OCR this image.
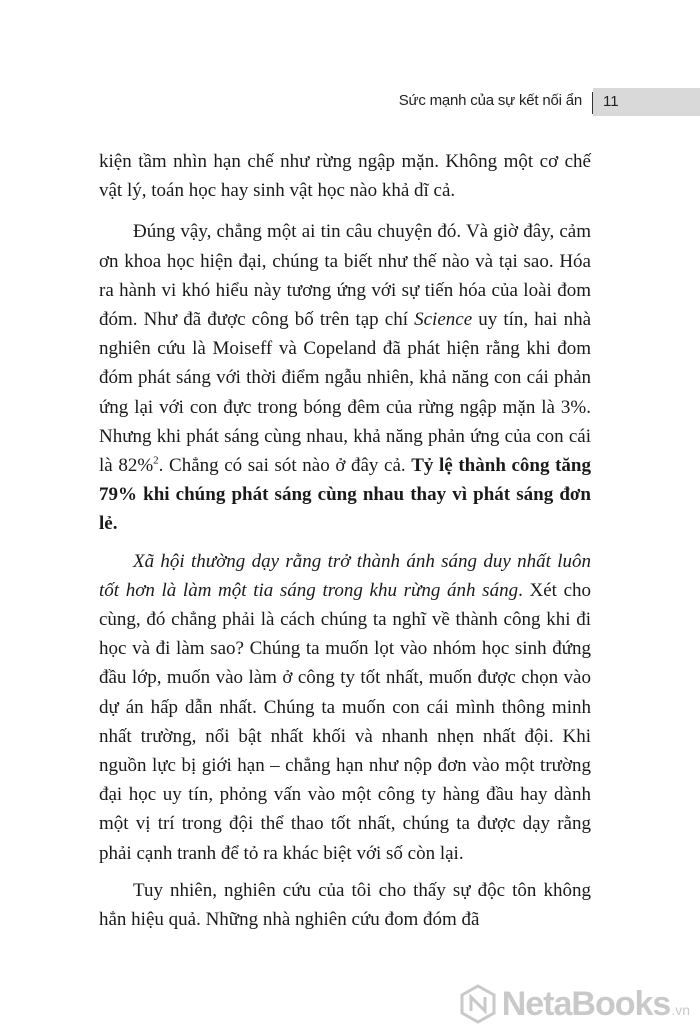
Sức mạnh của sự kết nối ẩn	11

kiện tầm nhìn hạn chế như rừng ngập mặn. Không một cơ chế vật lý, toán học hay sinh vật học nào khả dĩ cả.

Đúng vậy, chẳng một ai tin câu chuyện đó. Và giờ đây, cảm ơn khoa học hiện đại, chúng ta biết như thế nào và tại sao. Hóa ra hành vi khó hiểu này tương ứng với sự tiến hóa của loài đom đóm. Như đã được công bố trên tạp chí Science uy tín, hai nhà nghiên cứu là Moiseff và Copeland đã phát hiện rằng khi đom đóm phát sáng với thời điểm ngẫu nhiên, khả năng con cái phản ứng lại với con đực trong bóng đêm của rừng ngập mặn là 3%. Nhưng khi phát sáng cùng nhau, khả năng phản ứng của con cái là 82%$^2$. Chẳng có sai sót nào ở đây cả. Tỷ lệ thành công tăng 79% khi chúng phát sáng cùng nhau thay vì phát sáng đơn lẻ.

Xã hội thường dạy rằng trở thành ánh sáng duy nhất luôn tốt hơn là làm một tia sáng trong khu rừng ánh sáng. Xét cho cùng, đó chẳng phải là cách chúng ta nghĩ về thành công khi đi học và đi làm sao? Chúng ta muốn lọt vào nhóm học sinh đứng đầu lớp, muốn vào làm ở công ty tốt nhất, muốn được chọn vào dự án hấp dẫn nhất. Chúng ta muốn con cái mình thông minh nhất trường, nổi bật nhất khối và nhanh nhẹn nhất đội. Khi nguồn lực bị giới hạn – chẳng hạn như nộp đơn vào một trường đại học uy tín, phỏng vấn vào một công ty hàng đầu hay dành một vị trí trong đội thể thao tốt nhất, chúng ta được dạy rằng phải cạnh tranh để tỏ ra khác biệt với số còn lại.

Tuy nhiên, nghiên cứu của tôi cho thấy sự độc tôn không hẳn hiệu quả. Những nhà nghiên cứu đom đóm đã

NetaBooks .vn
